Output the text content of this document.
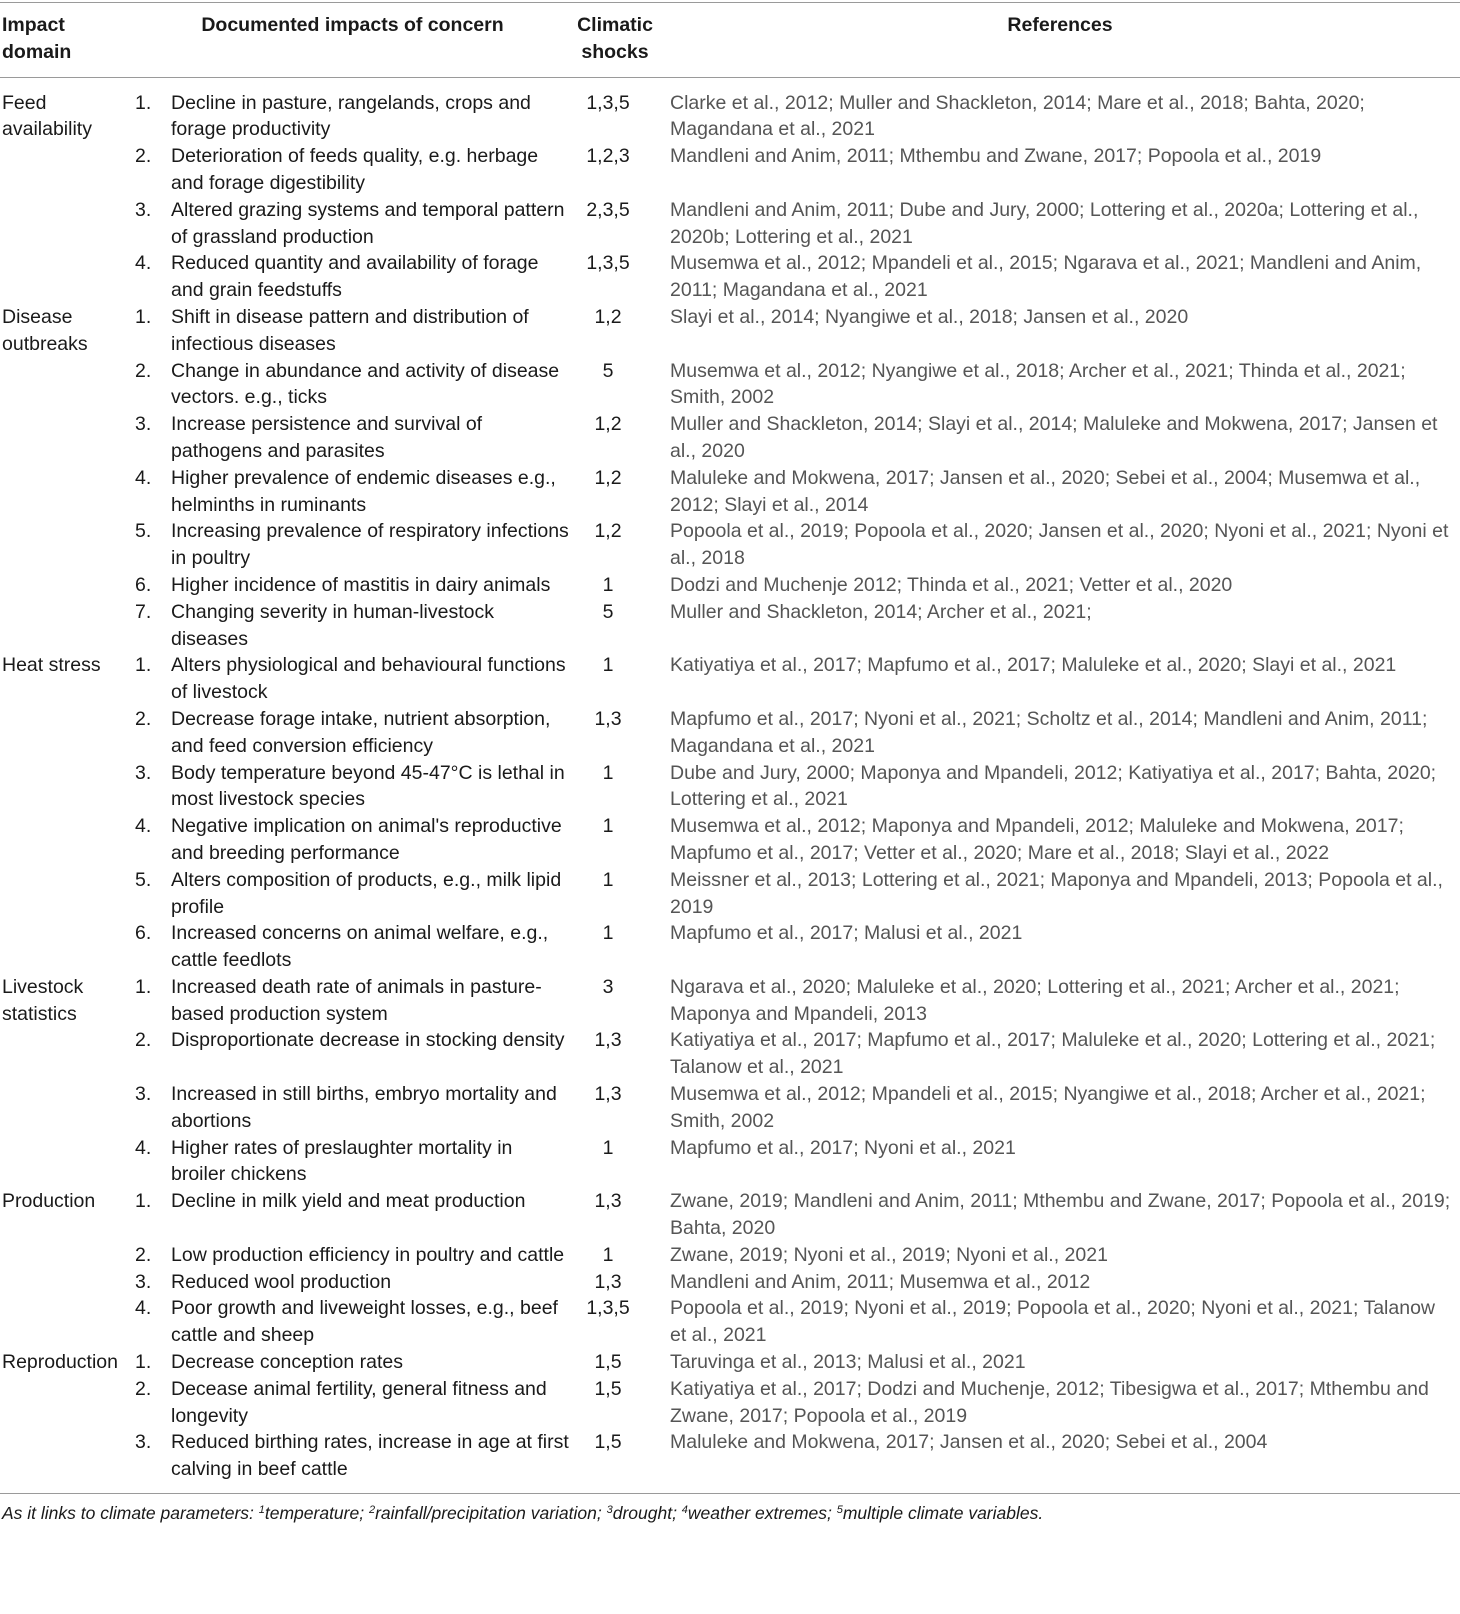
Impact domain	Documented impacts of concern	Climatic shocks	References
Feed availability	1. Decline in pasture, rangelands, crops and forage productivity	1,3,5	Clarke et al., 2012; Muller and Shackleton, 2014; Mare et al., 2018; Bahta, 2020; Magandana et al., 2021

	2. Deterioration of feeds quality, e.g. herbage and forage digestibility	1,2,3	Mandleni and Anim, 2011; Mthembu and Zwane, 2017; Popoola et al., 2019

	3. Altered grazing systems and temporal pattern of grassland production	2,3,5	Mandleni and Anim, 2011; Dube and Jury, 2000; Lottering et al., 2020a; Lottering et al., 2020b; Lottering et al., 2021

	4. Reduced quantity and availability of forage and grain feedstuffs	1,3,5	Musemwa et al., 2012; Mpandeli et al., 2015; Ngarava et al., 2021; Mandleni and Anim, 2011; Magandana et al., 2021
Disease outbreaks	1. Shift in disease pattern and distribution of infectious diseases	1,2	Slayi et al., 2014; Nyangiwe et al., 2018; Jansen et al., 2020

	2. Change in abundance and activity of disease vectors. e.g., ticks	5	Musemwa et al., 2012; Nyangiwe et al., 2018; Archer et al., 2021; Thinda et al., 2021; Smith, 2002

	3. Increase persistence and survival of pathogens and parasites	1,2	Muller and Shackleton, 2014; Slayi et al., 2014; Maluleke and Mokwena, 2017; Jansen et al., 2020

	4. Higher prevalence of endemic diseases e.g., helminths in ruminants	1,2	Maluleke and Mokwena, 2017; Jansen et al., 2020; Sebei et al., 2004; Musemwa et al., 2012; Slayi et al., 2014

	5. Increasing prevalence of respiratory infections in poultry	1,2	Popoola et al., 2019; Popoola et al., 2020; Jansen et al., 2020; Nyoni et al., 2021; Nyoni et al., 2018

	6. Higher incidence of mastitis in dairy animals	1	Dodzi and Muchenje 2012; Thinda et al., 2021; Vetter et al., 2020

	7. Changing severity in human-livestock diseases	5	Muller and Shackleton, 2014; Archer et al., 2021;
Heat stress	1. Alters physiological and behavioural functions of livestock	1	Katiyatiya et al., 2017; Mapfumo et al., 2017; Maluleke et al., 2020; Slayi et al., 2021

	2. Decrease forage intake, nutrient absorption, and feed conversion efficiency	1,3	Mapfumo et al., 2017; Nyoni et al., 2021; Scholtz et al., 2014; Mandleni and Anim, 2011; Magandana et al., 2021

	3. Body temperature beyond 45-47°C is lethal in most livestock species	1	Dube and Jury, 2000; Maponya and Mpandeli, 2012; Katiyatiya et al., 2017; Bahta, 2020; Lottering et al., 2021

	4. Negative implication on animal's reproductive and breeding performance	1	Musemwa et al., 2012; Maponya and Mpandeli, 2012; Maluleke and Mokwena, 2017; Mapfumo et al., 2017; Vetter et al., 2020; Mare et al., 2018; Slayi et al., 2022

	5. Alters composition of products, e.g., milk lipid profile	1	Meissner et al., 2013; Lottering et al., 2021; Maponya and Mpandeli, 2013; Popoola et al., 2019

	6. Increased concerns on animal welfare, e.g., cattle feedlots	1	Mapfumo et al., 2017; Malusi et al., 2021
Livestock statistics	1. Increased death rate of animals in pasture-based production system	3	Ngarava et al., 2020; Maluleke et al., 2020; Lottering et al., 2021; Archer et al., 2021; Maponya and Mpandeli, 2013

	2. Disproportionate decrease in stocking density	1,3	Katiyatiya et al., 2017; Mapfumo et al., 2017; Maluleke et al., 2020; Lottering et al., 2021; Talanow et al., 2021

	3. Increased in still births, embryo mortality and abortions	1,3	Musemwa et al., 2012; Mpandeli et al., 2015; Nyangiwe et al., 2018; Archer et al., 2021; Smith, 2002

	4. Higher rates of preslaughter mortality in broiler chickens	1	Mapfumo et al., 2017; Nyoni et al., 2021
Production	1. Decline in milk yield and meat production	1,3	Zwane, 2019; Mandleni and Anim, 2011; Mthembu and Zwane, 2017; Popoola et al., 2019; Bahta, 2020

	2. Low production efficiency in poultry and cattle	1	Zwane, 2019; Nyoni et al., 2019; Nyoni et al., 2021

	3. Reduced wool production	1,3	Mandleni and Anim, 2011; Musemwa et al., 2012

	4. Poor growth and liveweight losses, e.g., beef cattle and sheep	1,3,5	Popoola et al., 2019; Nyoni et al., 2019; Popoola et al., 2020; Nyoni et al., 2021; Talanow et al., 2021
Reproduction	1. Decrease conception rates	1,5	Taruvinga et al., 2013; Malusi et al., 2021

	2. Decease animal fertility, general fitness and longevity	1,5	Katiyatiya et al., 2017; Dodzi and Muchenje, 2012; Tibesigwa et al., 2017; Mthembu and Zwane, 2017; Popoola et al., 2019

	3. Reduced birthing rates, increase in age at first calving in beef cattle	1,5	Maluleke and Mokwena, 2017; Jansen et al., 2020; Sebei et al., 2004
As it links to climate parameters: $^1$temperature; $^2$rainfall/precipitation variation; $^3$drought; $^4$weather extremes; $^5$multiple climate variables.
